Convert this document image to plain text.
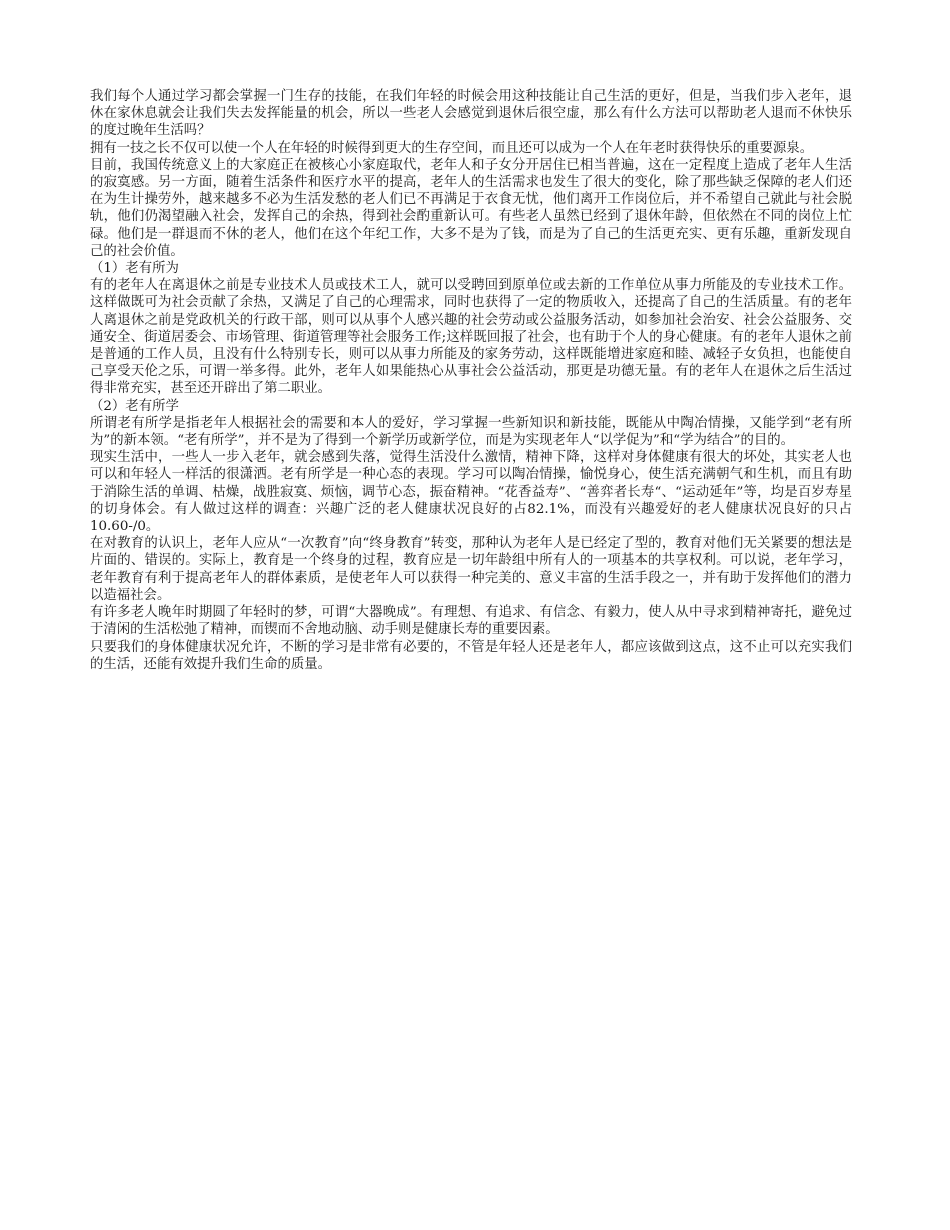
我们每个人通过学习都会掌握一门生存的技能，在我们年轻的时候会用这种技能让自己生活的更好，但是，当我们步入老年，退休在家休息就会让我们失去发挥能量的机会，所以一些老人会感觉到退休后很空虚，那么有什么方法可以帮助老人退而不休快乐的度过晚年生活吗？

拥有一技之长不仅可以使一个人在年轻的时候得到更大的生存空间，而且还可以成为一个人在年老时获得快乐的重要源泉。

目前，我国传统意义上的大家庭正在被核心小家庭取代，老年人和子女分开居住已相当普遍，这在一定程度上造成了老年人生活的寂寞感。另一方面，随着生活条件和医疗水平的提高，老年人的生活需求也发生了很大的变化，除了那些缺乏保障的老人们还在为生计操劳外，越来越多不必为生活发愁的老人们已不再满足于衣食无忧，他们离开工作岗位后，并不希望自己就此与社会脱轨，他们仍渴望融入社会，发挥自己的余热，得到社会酌重新认可。有些老人虽然已经到了退休年龄，但依然在不同的岗位上忙碌。他们是一群退而不休的老人，他们在这个年纪工作，大多不是为了钱，而是为了自己的生活更充实、更有乐趣，重新发现自己的社会价值。

（1）老有所为

有的老年人在离退休之前是专业技术人员或技术工人，就可以受聘回到原单位或去新的工作单位从事力所能及的专业技术工作。这样做既可为社会贡献了余热，又满足了自己的心理需求，同时也获得了一定的物质收入，还提高了自己的生活质量。有的老年人离退休之前是党政机关的行政干部，则可以从事个人感兴趣的社会劳动或公益服务活动，如参加社会治安、社会公益服务、交通安全、街道居委会、市场管理、街道管理等社会服务工作;这样既回报了社会，也有助于个人的身心健康。有的老年人退休之前是普通的工作人员，且没有什么特别专长，则可以从事力所能及的家务劳动，这样既能增进家庭和睦、减轻子女负担，也能使自己享受天伦之乐，可谓一举多得。此外，老年人如果能热心从事社会公益活动，那更是功德无量。有的老年人在退休之后生活过得非常充实，甚至还开辟出了第二职业。

（2）老有所学

所谓老有所学是指老年人根据社会的需要和本人的爱好，学习掌握一些新知识和新技能，既能从中陶冶情操，又能学到“老有所为”的新本领。“老有所学”，并不是为了得到一个新学历或新学位，而是为实现老年人“以学促为”和“学为结合”的目的。

现实生活中，一些人一步入老年，就会感到失落，觉得生活没什么激情，精神下降，这样对身体健康有很大的坏处，其实老人也可以和年轻人一样活的很潇洒。老有所学是一种心态的表现。学习可以陶冶情操，愉悦身心，使生活充满朝气和生机，而且有助于消除生活的单调、枯燥，战胜寂寞、烦恼，调节心态，振奋精神。“花香益寿”、“善弈者长寿“、“运动延年”等，均是百岁寿星的切身体会。有人做过这样的调查：兴趣广泛的老人健康状况良好的占82.1%，而没有兴趣爱好的老人健康状况良好的只占10.60-/0。

在对教育的认识上，老年人应从“一次教育”向“终身教育”转变，那种认为老年人是已经定了型的，教育对他们无关紧要的想法是片面的、错误的。实际上，教育是一个终身的过程，教育应是一切年龄组中所有人的一项基本的共享权利。可以说，老年学习，老年教育有利于提高老年人的群体素质，是使老年人可以获得一种完美的、意义丰富的生活手段之一，并有助于发挥他们的潜力以造福社会。

有许多老人晚年时期圆了年轻时的梦，可谓“大器晚成”。有理想、有追求、有信念、有毅力，使人从中寻求到精神寄托，避免过于清闲的生活松弛了精神，而锲而不舍地动脑、动手则是健康长寿的重要因素。

只要我们的身体健康状况允许，不断的学习是非常有必要的，不管是年轻人还是老年人，都应该做到这点，这不止可以充实我们的生活，还能有效提升我们生命的质量。
